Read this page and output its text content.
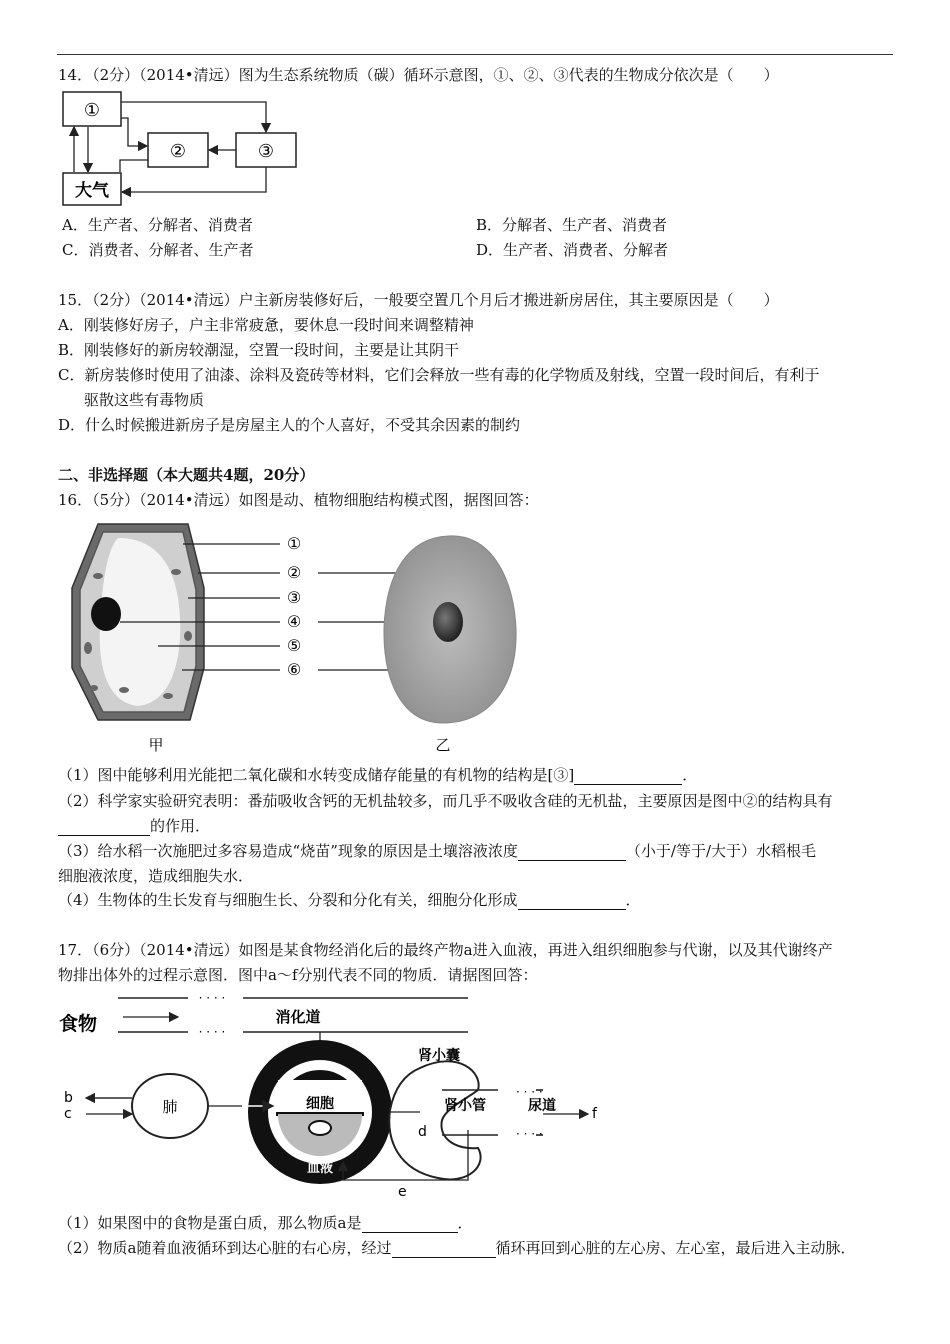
14．（2分）（2014•清远）图为生态系统物质（碳）循环示意图，①、②、③代表的生物成分依次是（　　）
①
②	③
大气
A．生产者、分解者、消费者	B．分解者、生产者、消费者
C．消费者、分解者、生产者	D．生产者、消费者、分解者
15．（2分）（2014•清远）户主新房装修好后，一般要空置几个月后才搬进新房居住，其主要原因是（　　）
A．刚装修好房子，户主非常疲惫，要休息一段时间来调整精神
B．刚装修好的新房较潮湿，空置一段时间，主要是让其阴干
C．新房装修时使用了油漆、涂料及瓷砖等材料，它们会释放一些有毒的化学物质及射线，空置一段时间后，有利于
驱散这些有毒物质
D．什么时候搬进新房子是房屋主人的个人喜好，不受其余因素的制约
二、非选择题（本大题共4题，20分）
16．（5分）（2014•清远）如图是动、植物细胞结构模式图，据图回答：
①
②
③
④
⑤
⑥
甲	乙
（1）图中能够利用光能把二氧化碳和水转变成储存能量的有机物的结构是[③]	．
（2）科学家实验研究表明：番茄吸收含钙的无机盐较多，而几乎不吸收含硅的无机盐，主要原因是图中②的结构具有
的作用．
（3）给水稻一次施肥过多容易造成“烧苗”现象的原因是土壤溶液浓度	（小于/等于/大于）水稻根毛
细胞液浓度，造成细胞失水．
（4）生物体的生长发育与细胞生长、分裂和分化有关，细胞分化形成	．
17．（6分）（2014•清远）如图是某食物经消化后的最终产物a进入血液，再进入组织细胞参与代谢，以及其代谢终产
物排出体外的过程示意图．图中a～f分别代表不同的物质．请据图回答：
· · · ·
· · · ·
食物	消化道
肺
b
c
细胞
血液
肾小囊
肾小管
· · · ·
· · · ·
尿道	f
d
e
（1）如果图中的食物是蛋白质，那么物质a是	．
（2）物质a随着血液循环到达心脏的右心房，经过	循环再回到心脏的左心房、左心室，最后进入主动脉．
